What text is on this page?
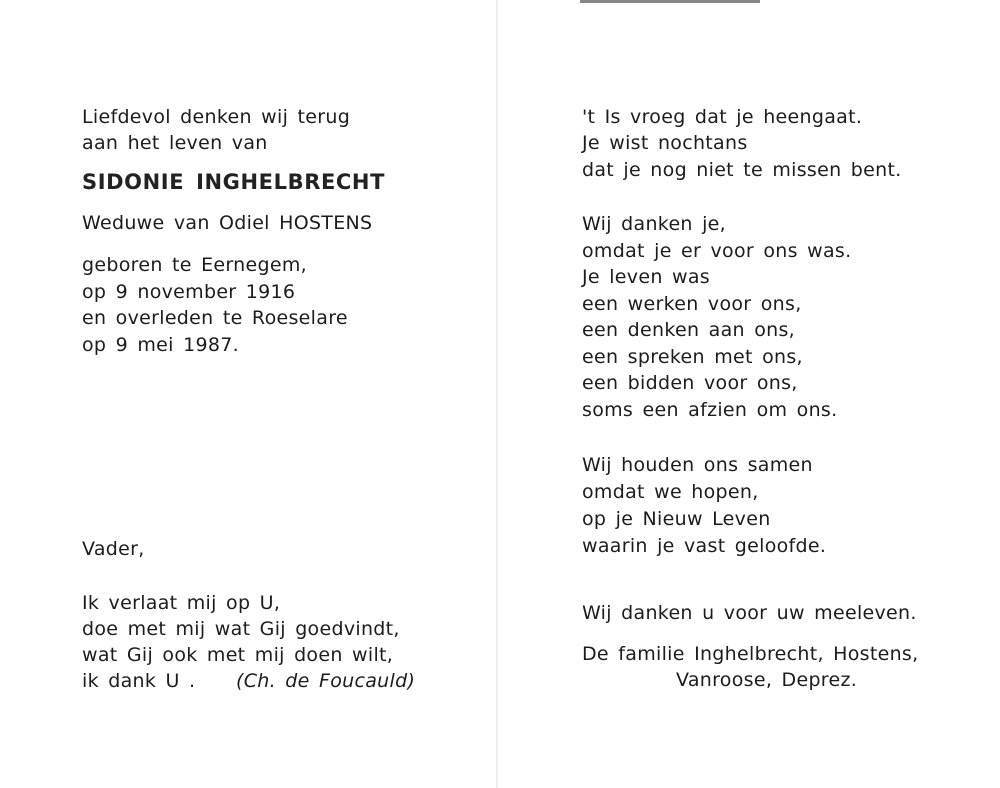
Liefdevol denken wij terug
aan het leven van
SIDONIE INGHELBRECHT
Weduwe van Odiel HOSTENS
geboren te Eernegem,
op 9 november 1916
en overleden te Roeselare
op 9 mei 1987.
Vader,
Ik verlaat mij op U,
doe met mij wat Gij goedvindt,
wat Gij ook met mij doen wilt,
ik dank U . (Ch. de Foucauld)
't Is vroeg dat je heengaat.
Je wist nochtans
dat je nog niet te missen bent.
Wij danken je,
omdat je er voor ons was.
Je leven was
een werken voor ons,
een denken aan ons,
een spreken met ons,
een bidden voor ons,
soms een afzien om ons.
Wij houden ons samen
omdat we hopen,
op je Nieuw Leven
waarin je vast geloofde.
Wij danken u voor uw meeleven.
De familie Inghelbrecht, Hostens,
Vanroose, Deprez.
